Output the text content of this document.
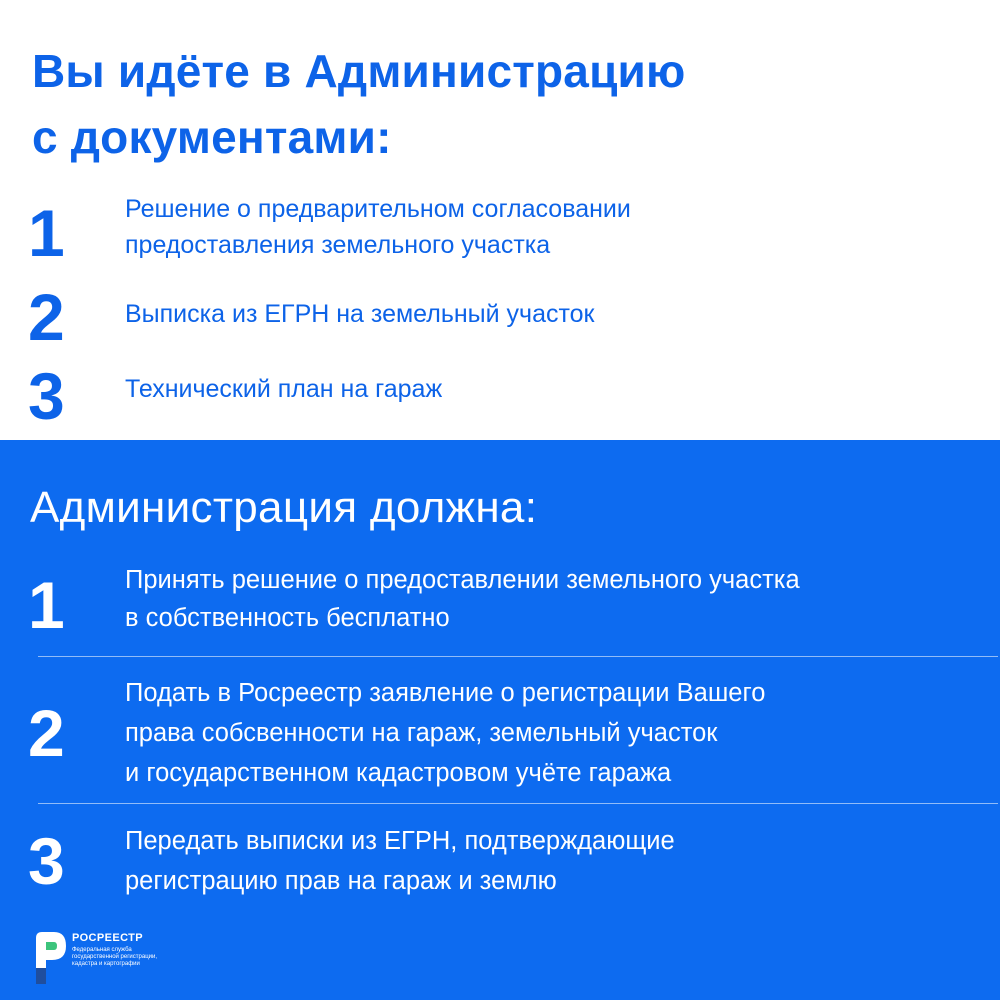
Вы идёте в Администрацию
с документами:
1	Решение о предварительном согласовании
предоставления земельного участка
2	Выписка из ЕГРН на земельный участок
3	Технический план на гараж
Администрация должна:
1	Принять решение о предоставлении земельного участка
в собственность бесплатно
2
Подать в Росреестр заявление о регистрации Вашего
права собсвенности на гараж, земельный участок
и государственном кадастровом учёте гаража
3	Передать выписки из ЕГРН, подтверждающие
регистрацию прав на гараж и землю
РОСРЕЕСТР
Федеральная служба
государственной регистрации,
кадастра и картографии
